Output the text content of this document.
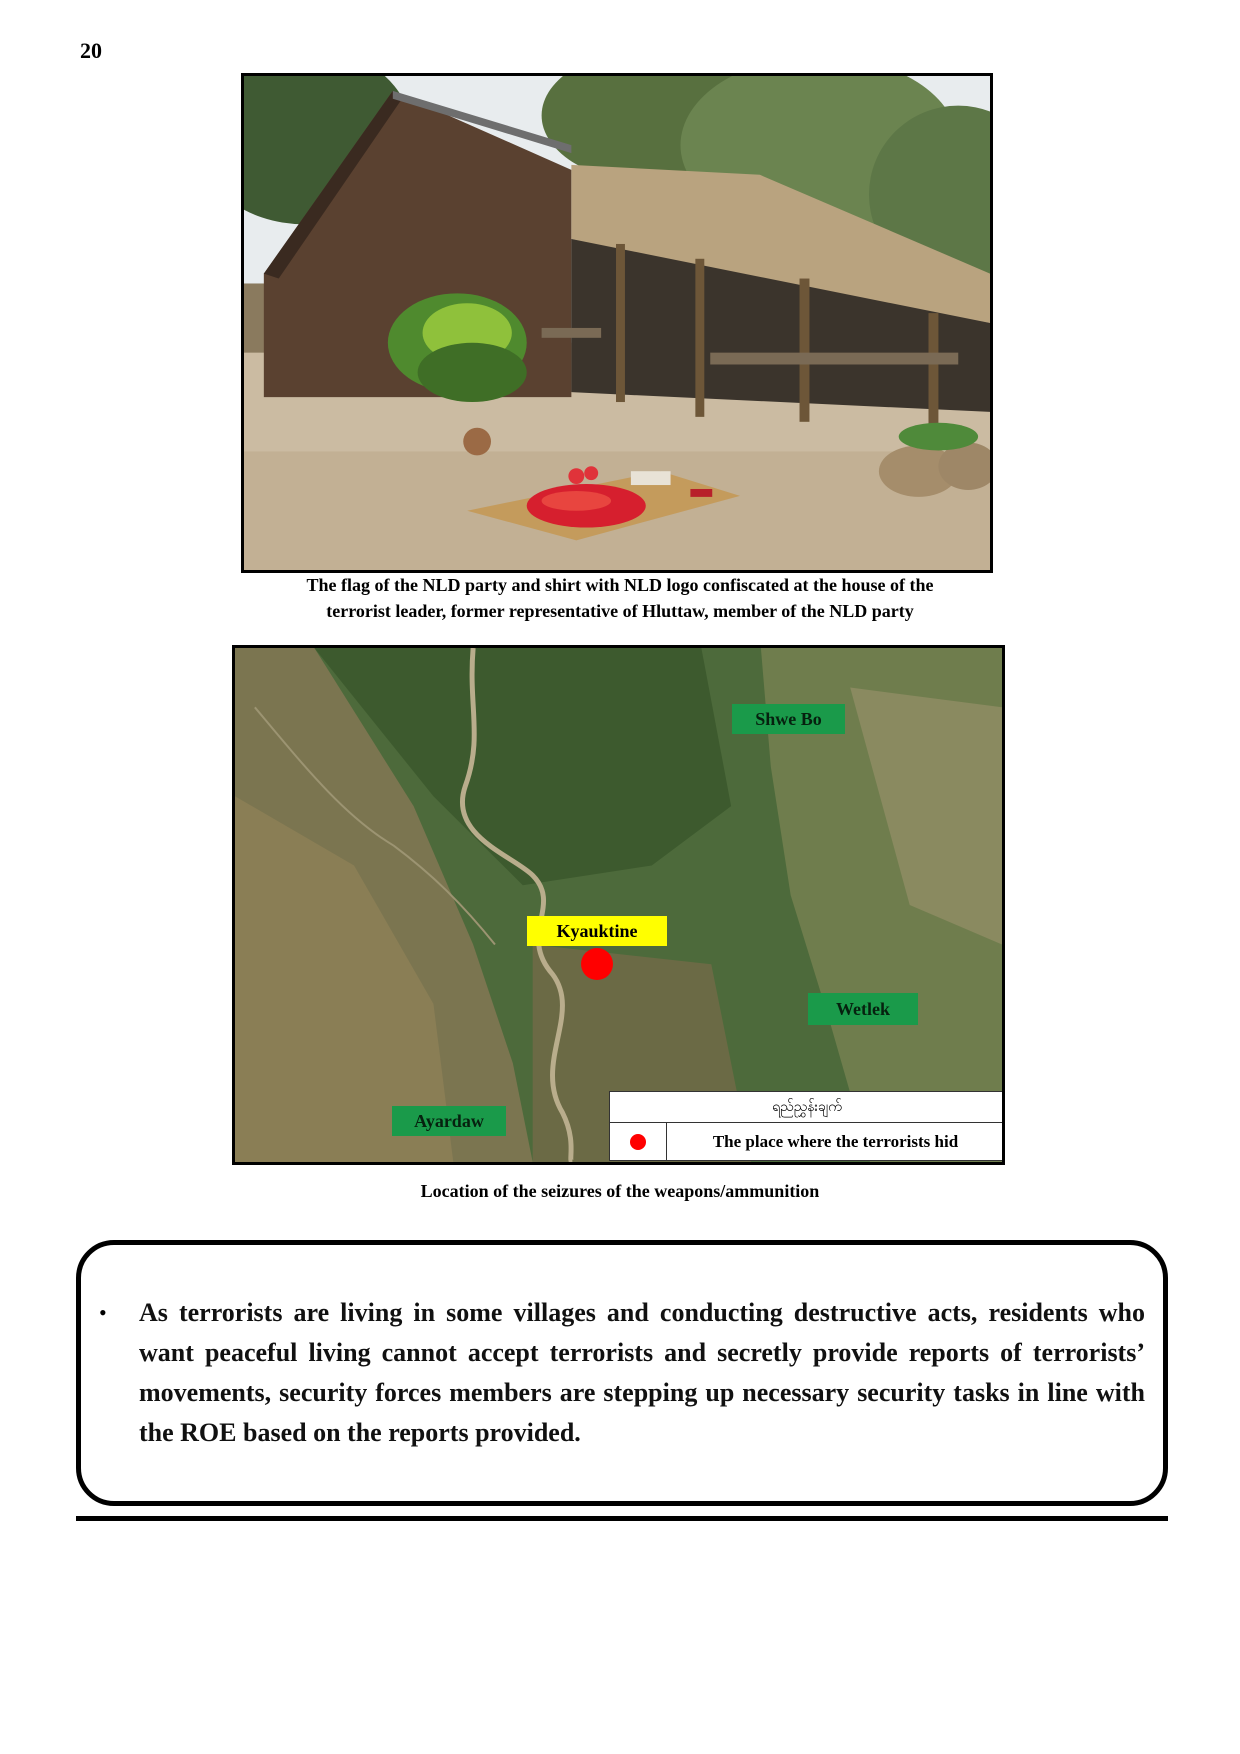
20
The flag of the NLD party and shirt with NLD logo confiscated at the house of the
terrorist leader, former representative of Hluttaw, member of the NLD party
Shwe Bo
Kyauktine
Wetlek
Ayardaw
ရည်ညွှန်းချက်
The place where the terrorists hid
Location of the seizures of the weapons/ammunition
• As terrorists are living in some villages and conducting destructive acts, residents who want peaceful living cannot accept terrorists and secretly provide reports of terrorists’ movements, security forces members are stepping up necessary security tasks in line with the ROE based on the reports provided.
